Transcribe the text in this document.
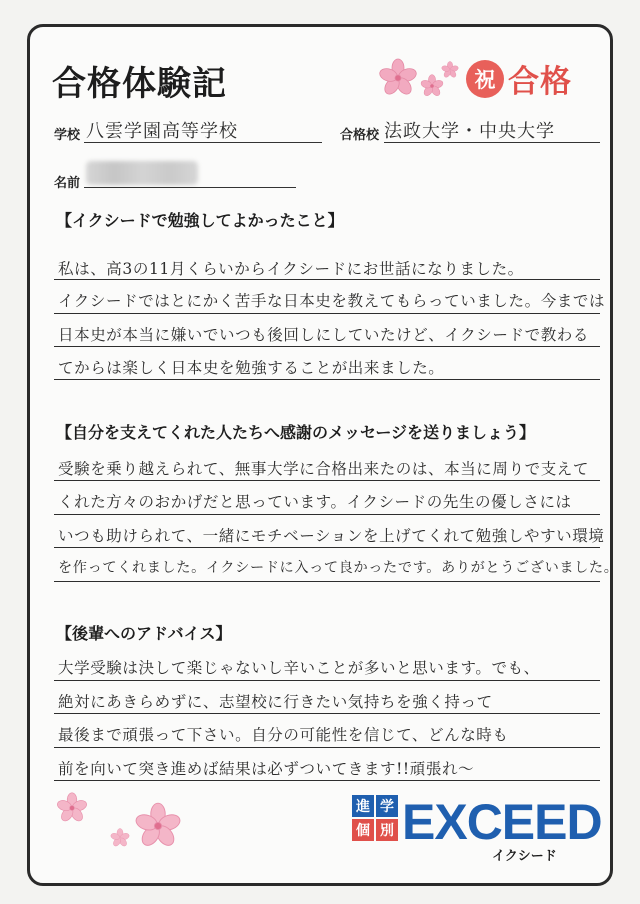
合格体験記	祝 合格
学校 八雲学園高等学校	合格校 法政大学・中央大学
名前
【イクシードで勉強してよかったこと】
私は、高3の11月くらいからイクシードにお世話になりました。
イクシードではとにかく苦手な日本史を教えてもらっていました。今までは
日本史が本当に嫌いでいつも後回しにしていたけど、イクシードで教わる
てからは楽しく日本史を勉強することが出来ました。
【自分を支えてくれた人たちへ感謝のメッセージを送りましょう】
受験を乗り越えられて、無事大学に合格出来たのは、本当に周りで支えて
くれた方々のおかげだと思っています。イクシードの先生の優しさには
いつも助けられて、一緒にモチベーションを上げてくれて勉強しやすい環境
を作ってくれました。イクシードに入って良かったです。ありがとうございました。
【後輩へのアドバイス】
大学受験は決して楽じゃないし辛いことが多いと思います。でも、
絶対にあきらめずに、志望校に行きたい気持ちを強く持って
最後まで頑張って下さい。自分の可能性を信じて、どんな時も
前を向いて突き進めば結果は必ずついてきます!!頑張れ〜
進 学
個 別 EXCEED
イクシード
